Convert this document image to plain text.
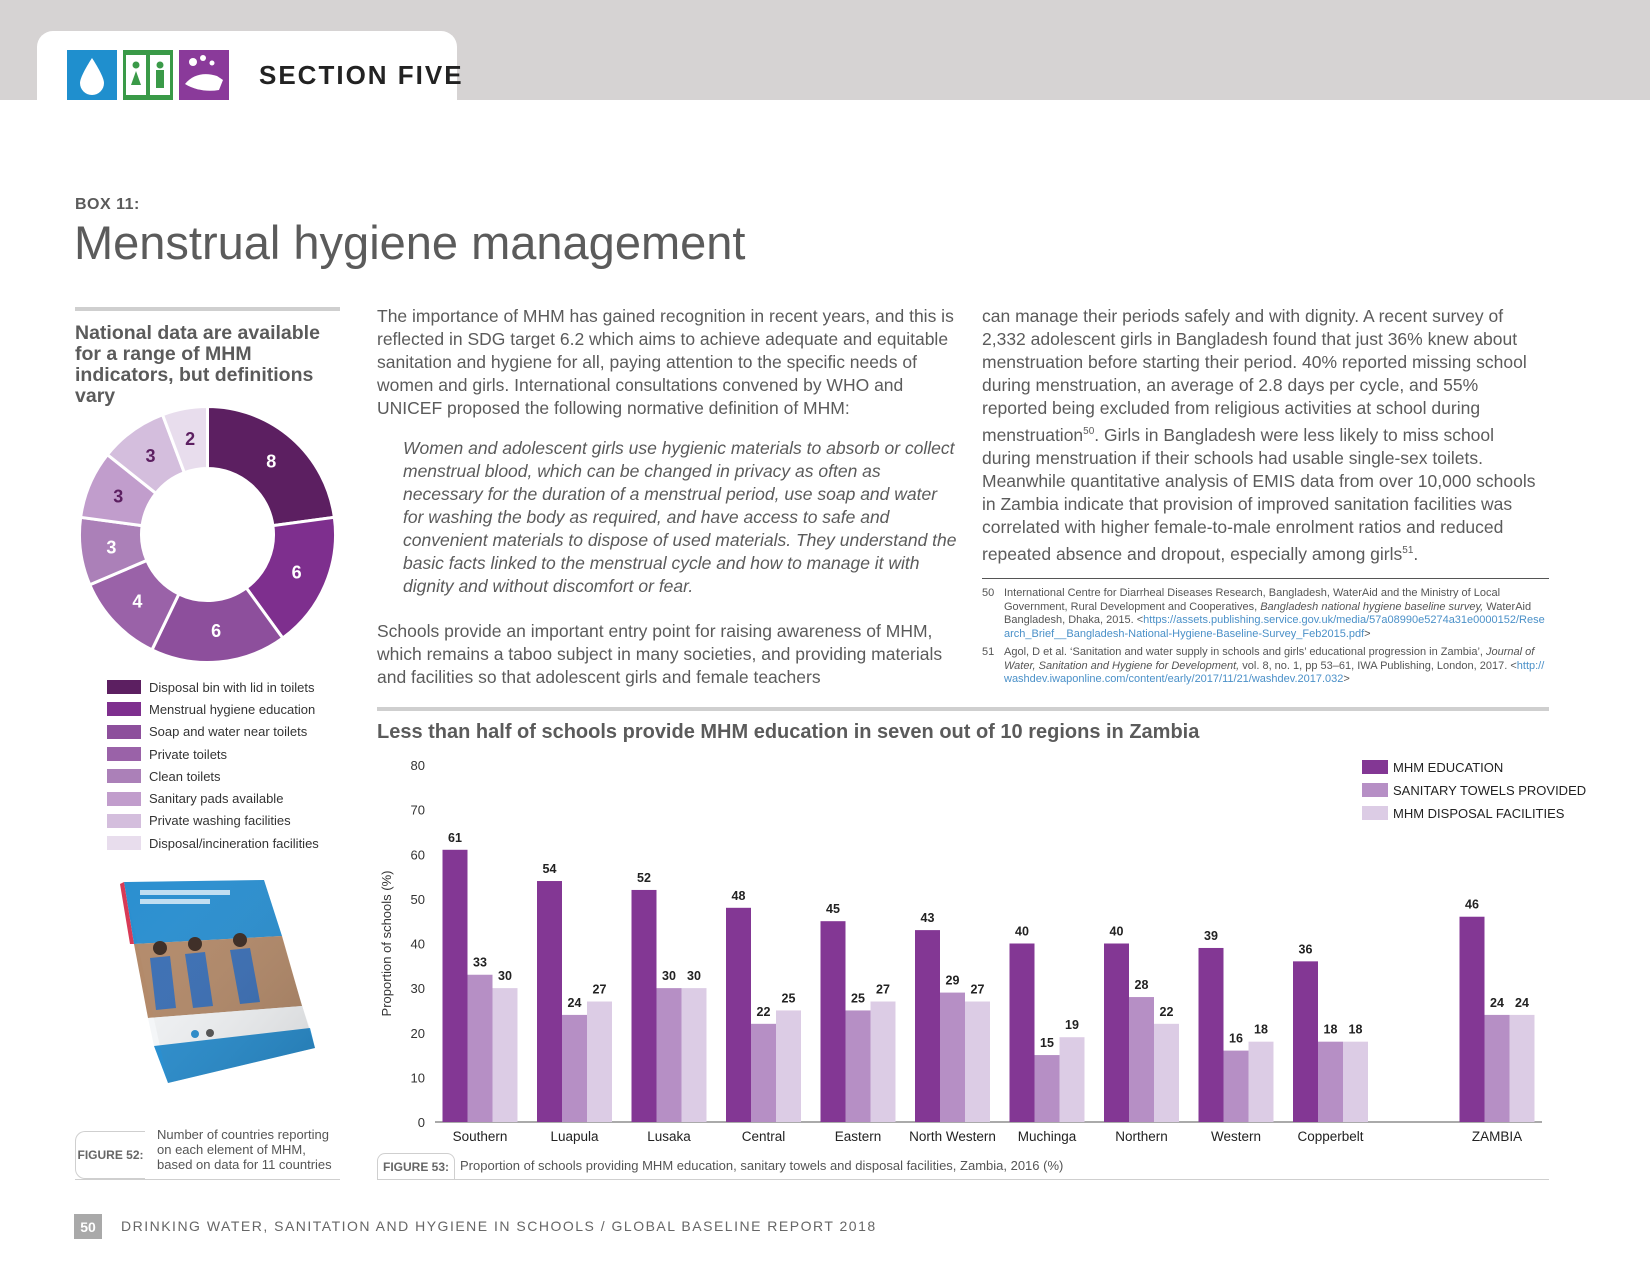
SECTION FIVE
BOX 11:
Menstrual hygiene management
National data are available for a range of MHM indicators, but definitions vary
8
6
6
4
3
3
3
2
Disposal bin with lid in toilets
Menstrual hygiene education
Soap and water near toilets
Private toilets
Clean toilets
Sanitary pads available
Private washing facilities
Disposal/incineration facilities
FIGURE 52:
Number of countries reporting on each element of MHM, based on data for 11 countries
The importance of MHM has gained recognition in recent years, and this is reflected in SDG target 6.2 which aims to achieve adequate and equitable sanitation and hygiene for all, paying attention to the specific needs of women and girls. International consultations convened by WHO and UNICEF proposed the following normative definition of MHM:
Women and adolescent girls use hygienic materials to absorb or collect menstrual blood, which can be changed in privacy as often as necessary for the duration of a menstrual period, use soap and water for washing the body as required, and have access to safe and convenient materials to dispose of used materials. They understand the basic facts linked to the menstrual cycle and how to manage it with dignity and without discomfort or fear.
Schools provide an important entry point for raising awareness of MHM, which remains a taboo subject in many societies, and providing materials and facilities so that adolescent girls and female teachers
can manage their periods safely and with dignity. A recent survey of 2,332 adolescent girls in Bangladesh found that just 36% knew about menstruation before starting their period. 40% reported missing school during menstruation, an average of 2.8 days per cycle, and 55% reported being excluded from religious activities at school during menstruation$^{50}$. Girls in Bangladesh were less likely to miss school during menstruation if their schools had usable single-sex toilets. Meanwhile quantitative analysis of EMIS data from over 10,000 schools in Zambia indicate that provision of improved sanitation facilities was correlated with higher female-to-male enrolment ratios and reduced repeated absence and dropout, especially among girls$^{51}$.
50 International Centre for Diarrheal Diseases Research, Bangladesh, WaterAid and the Ministry of Local Government, Rural Development and Cooperatives, Bangladesh national hygiene baseline survey, WaterAid Bangladesh, Dhaka, 2015. <https://assets.publishing.service.gov.uk/media/57a08990e5274a31e0000152/Research_Brief__Bangladesh-National-Hygiene-Baseline-Survey_Feb2015.pdf>
51 Agol, D et al. ‘Sanitation and water supply in schools and girls’ educational progression in Zambia’, Journal of Water, Sanitation and Hygiene for Development, vol. 8, no. 1, pp 53–61, IWA Publishing, London, 2017. <http://washdev.iwaponline.com/content/early/2017/11/21/washdev.2017.032>
0
10
20
30
40
50
60
70
80
Proportion of schools (%)
61
33
30
Southern
54
24
27
Luapula
52
30 30
Lusaka
48
22
25
Central
45
25
27
Eastern
43
29
27
North Western
40
15
19
Muchinga
40
28
22
Northern
39
16
18
Western
36
18 18
Copperbelt
46
24 24
ZAMBIA
MHM EDUCATION
SANITARY TOWELS PROVIDED
MHM DISPOSAL FACILITIES
Less than half of schools provide MHM education in seven out of 10 regions in Zambia
FIGURE 53: Proportion of schools providing MHM education, sanitary towels and disposal facilities, Zambia, 2016 (%)
50	DRINKING WATER, SANITATION AND HYGIENE IN SCHOOLS / GLOBAL BASELINE REPORT 2018
